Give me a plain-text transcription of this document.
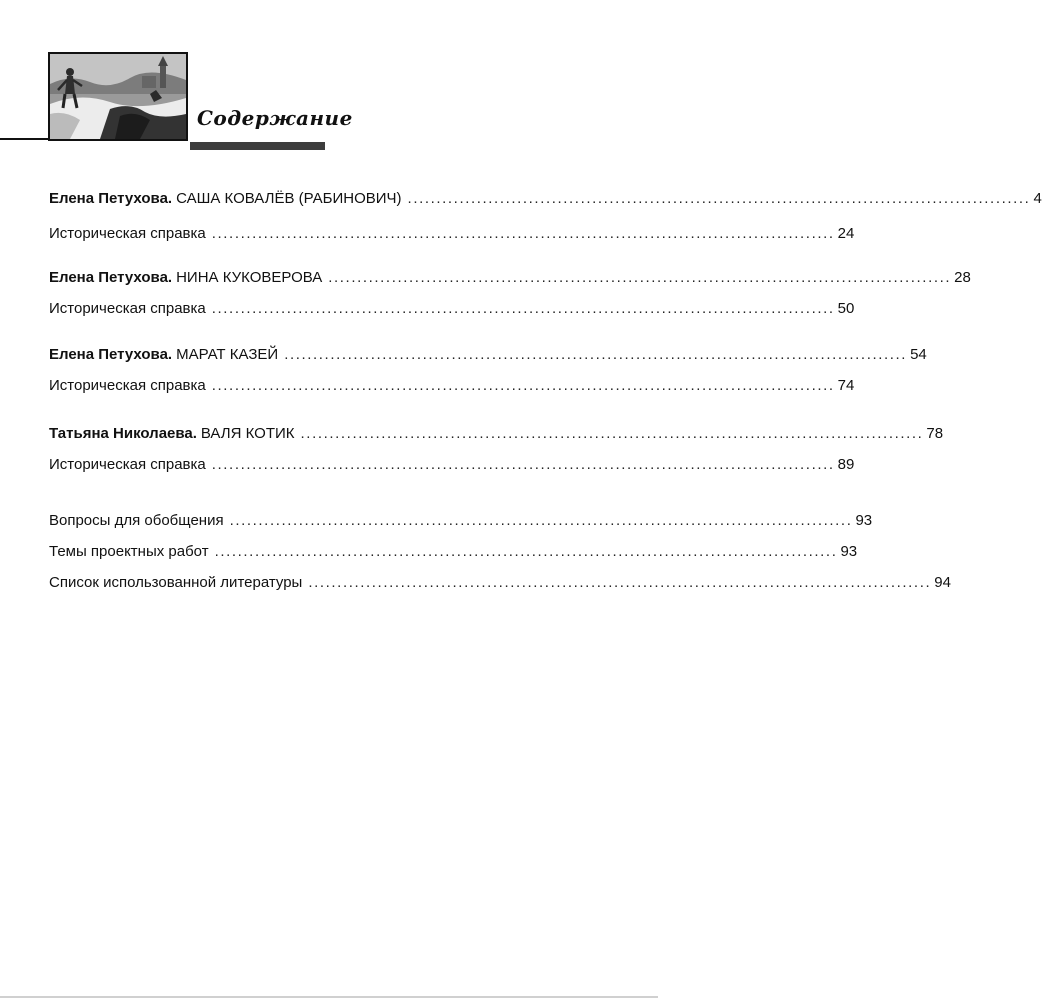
Содержание
Елена Петухова. САША КОВАЛЁВ (РАБИНОВИЧ) ............................................................................................................ 4
Историческая справка ............................................................................................................ 24
Елена Петухова. НИНА КУКОВЕРОВА ............................................................................................................ 28
Историческая справка ............................................................................................................ 50
Елена Петухова. МАРАТ КАЗЕЙ ............................................................................................................ 54
Историческая справка ............................................................................................................ 74
Татьяна Николаева. ВАЛЯ КОТИК ............................................................................................................ 78
Историческая справка ............................................................................................................ 89
Вопросы для обобщения ............................................................................................................ 93
Темы проектных работ ............................................................................................................ 93
Список использованной литературы ............................................................................................................ 94
